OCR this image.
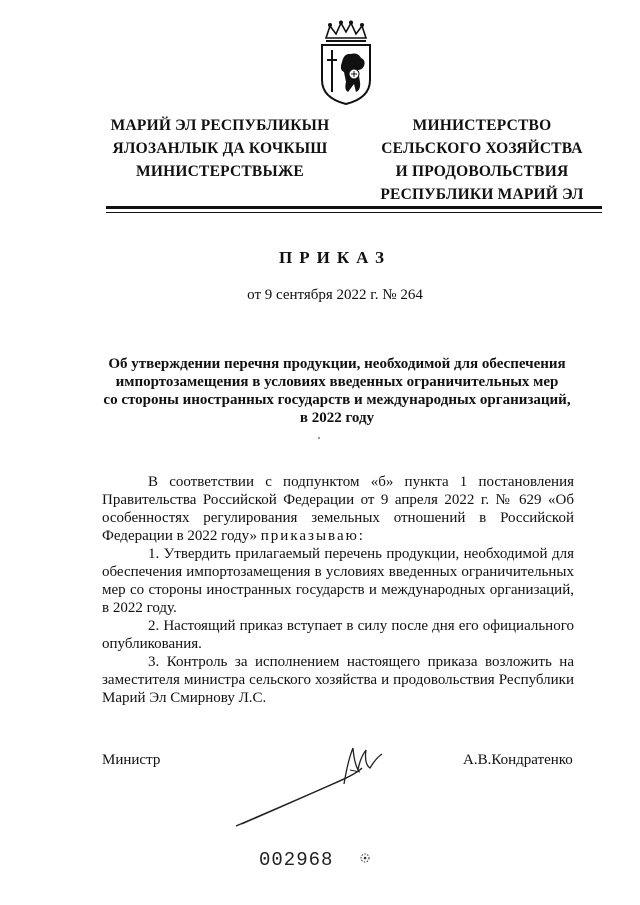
МАРИЙ ЭЛ РЕСПУБЛИКЫН
ЯЛОЗАНЛЫК ДА КОЧКЫШ
МИНИСТЕРСТВЫЖЕ
МИНИСТЕРСТВО
СЕЛЬСКОГО ХОЗЯЙСТВА
И ПРОДОВОЛЬСТВИЯ
РЕСПУБЛИКИ МАРИЙ ЭЛ
ПРИКАЗ
от 9 сентября 2022 г. № 264
Об утверждении перечня продукции, необходимой для обеспечения
импортозамещения в условиях введенных ограничительных мер
со стороны иностранных государств и международных организаций,
в 2022 году

В соответствии с подпунктом «б» пункта 1 постановления Правительства Российской Федерации от 9 апреля 2022 г. № 629 «Об особенностях регулирования земельных отношений в Российской Федерации в 2022 году» приказываю:

1. Утвердить прилагаемый перечень продукции, необходимой для обеспечения импортозамещения в условиях введенных ограничительных мер со стороны иностранных государств и международных организаций, в 2022 году.

2. Настоящий приказ вступает в силу после дня его официального опубликования.

3. Контроль за исполнением настоящего приказа возложить на заместителя министра сельского хозяйства и продовольствия Республики Марий Эл Смирнову Л.С.

Министр	А.В.Кондратенко
002968
